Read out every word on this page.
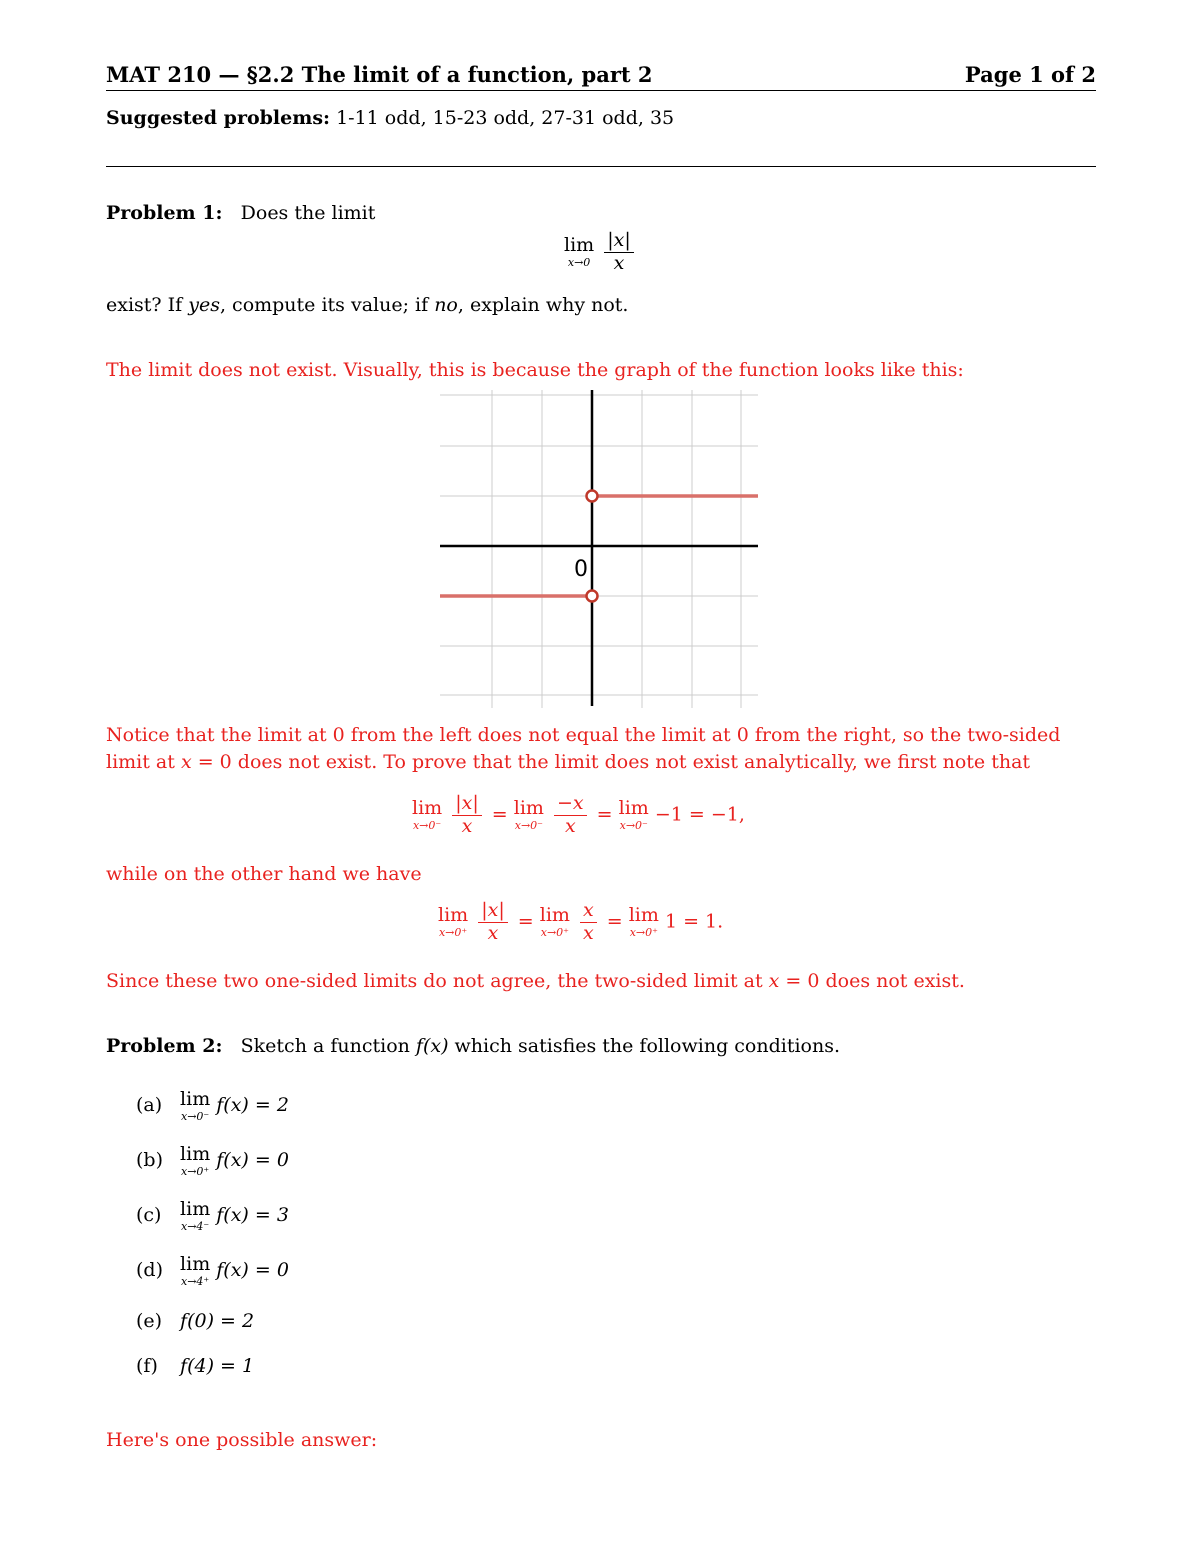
MAT 210 — §2.2 The limit of a function, part 2	Page 1 of 2
Suggested problems: 1-11 odd, 15-23 odd, 27-31 odd, 35
Problem 1: Does the limit
lim
x→0
$\frac{|x|}{x}$
exist? If yes, compute its value; if no, explain why not.
The limit does not exist. Visually, this is because the graph of the function looks like this:
0
Notice that the limit at 0 from the left does not equal the limit at 0 from the right, so the two-sided
limit at x = 0 does not exist. To prove that the limit does not exist analytically, we first note that
lim
x→0⁻
$\frac{|x|}{x} = \lim$
x→0⁻
$\frac{-x}{x} = \lim$
x→0⁻
−1 = −1,
while on the other hand we have
lim
x→0⁺
$\frac{|x|}{x} = \lim$
x→0⁺
$\frac{x}{x} = \lim$
x→0⁺
1 = 1.
Since these two one-sided limits do not agree, the two-sided limit at x = 0 does not exist.
Problem 2: Sketch a function f(x) which satisfies the following conditions.
(a) lim
x→0⁻
f(x) = 2
(b) lim
x→0⁺
f(x) = 0
(c) lim
x→4⁻
f(x) = 3
(d) lim
x→4⁺
f(x) = 0
(e) f(0) = 2
(f) f(4) = 1
Here's one possible answer:
